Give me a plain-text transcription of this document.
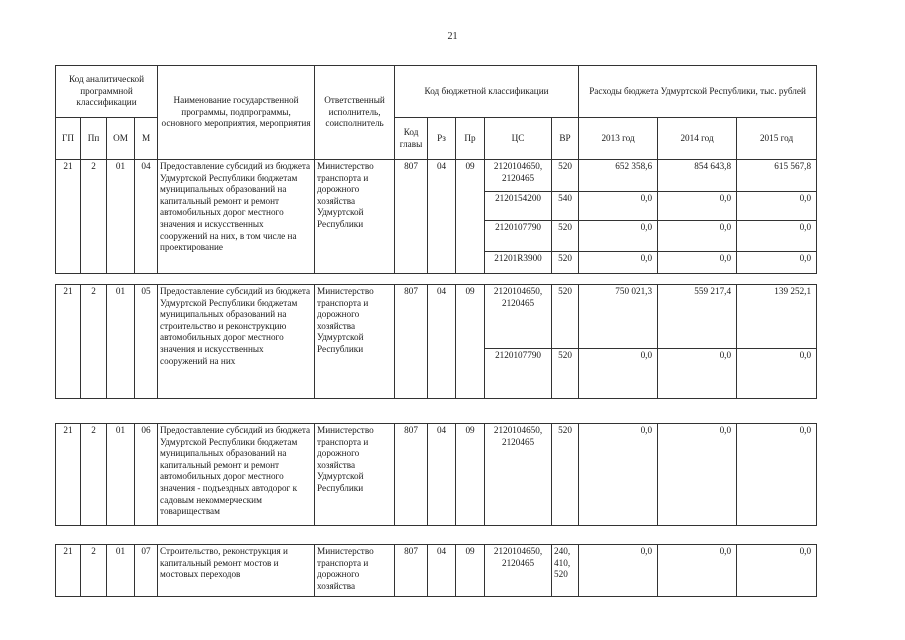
21
Код аналитической программной классификации				Наименование государственной программы, подпрограммы, основного мероприятия, мероприятия	Ответственный исполнитель, соисполнитель	Код бюджетной классификации					Расходы бюджета Удмуртской Республики, тыс. рублей		
ГП	Пп	ОМ	М			Код главы	Рз	Пр	ЦС	ВР	2013 год	2014 год	2015 год
21	2	01	04	Предоставление субсидий из бюджета Удмуртской Республики бюджетам муниципальных образований на капитальный ремонт и ремонт автомобильных дорог местного значения и искусственных сооружений на них, в том числе на проектирование	Министерство транспорта и дорожного хозяйства Удмуртской Республики	807	04	09	2120104650, 2120465	520	652 358,6	854 643,8	615 567,8
									2120154200	540	0,0	0,0	0,0
									2120107790	520	0,0	0,0	0,0
									21201R3900	520	0,0	0,0	0,0

21	2	01	05	Предоставление субсидий из бюджета Удмуртской Республики бюджетам муниципальных образований на строительство и реконструкцию автомобильных дорог местного значения и искусственных сооружений на них	Министерство транспорта и дорожного хозяйства Удмуртской Республики	807	04	09	2120104650, 2120465	520	750 021,3	559 217,4	139 252,1
									2120107790	520	0,0	0,0	0,0

21	2	01	06	Предоставление субсидий из бюджета Удмуртской Республики бюджетам муниципальных образований на капитальный ремонт и ремонт автомобильных дорог местного значения - подъездных автодорог к садовым некоммерческим товариществам	Министерство транспорта и дорожного хозяйства Удмуртской Республики	807	04	09	2120104650, 2120465	520	0,0	0,0	0,0

21	2	01	07	Строительство, реконструкция и капитальный ремонт мостов и мостовых переходов	Министерство транспорта и дорожного хозяйства	807	04	09	2120104650, 2120465	240, 410, 520	0,0	0,0	0,0
